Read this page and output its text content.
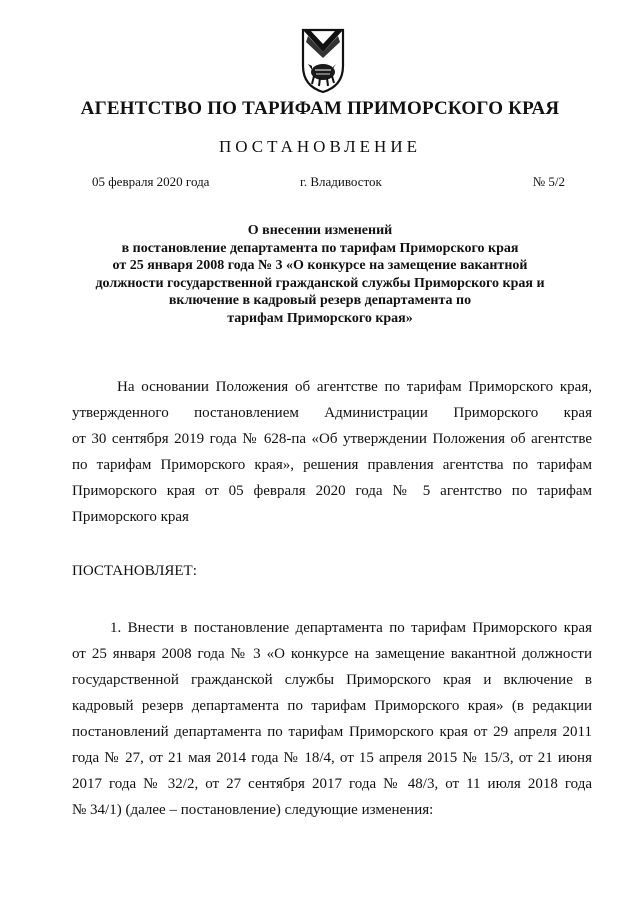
АГЕНТСТВО ПО ТАРИФАМ ПРИМОРСКОГО КРАЯ
ПОСТАНОВЛЕНИЕ
05 февраля 2020 года	г. Владивосток	№ 5/2
О внесении изменений
в постановление департамента по тарифам Приморского края
от 25 января 2008 года № 3 «О конкурсе на замещение вакантной
должности государственной гражданской службы Приморского края и
включение в кадровый резерв департамента по
тарифам Приморского края»
На основании Положения об агентстве по тарифам Приморского края,
утвержденного постановлением Администрации Приморского края
от 30 сентября 2019 года № 628-па «Об утверждении Положения об агентстве
по тарифам Приморского края», решения правления агентства по тарифам
Приморского края от 05 февраля 2020 года № 5 агентство по тарифам
Приморского края
ПОСТАНОВЛЯЕТ:
1. Внести в постановление департамента по тарифам Приморского края
от 25 января 2008 года № 3 «О конкурсе на замещение вакантной должности
государственной гражданской службы Приморского края и включение в
кадровый резерв департамента по тарифам Приморского края» (в редакции
постановлений департамента по тарифам Приморского края от 29 апреля 2011
года № 27, от 21 мая 2014 года № 18/4, от 15 апреля 2015 № 15/3, от 21 июня
2017 года № 32/2, от 27 сентября 2017 года № 48/3, от 11 июля 2018 года
№ 34/1) (далее – постановление) следующие изменения:
